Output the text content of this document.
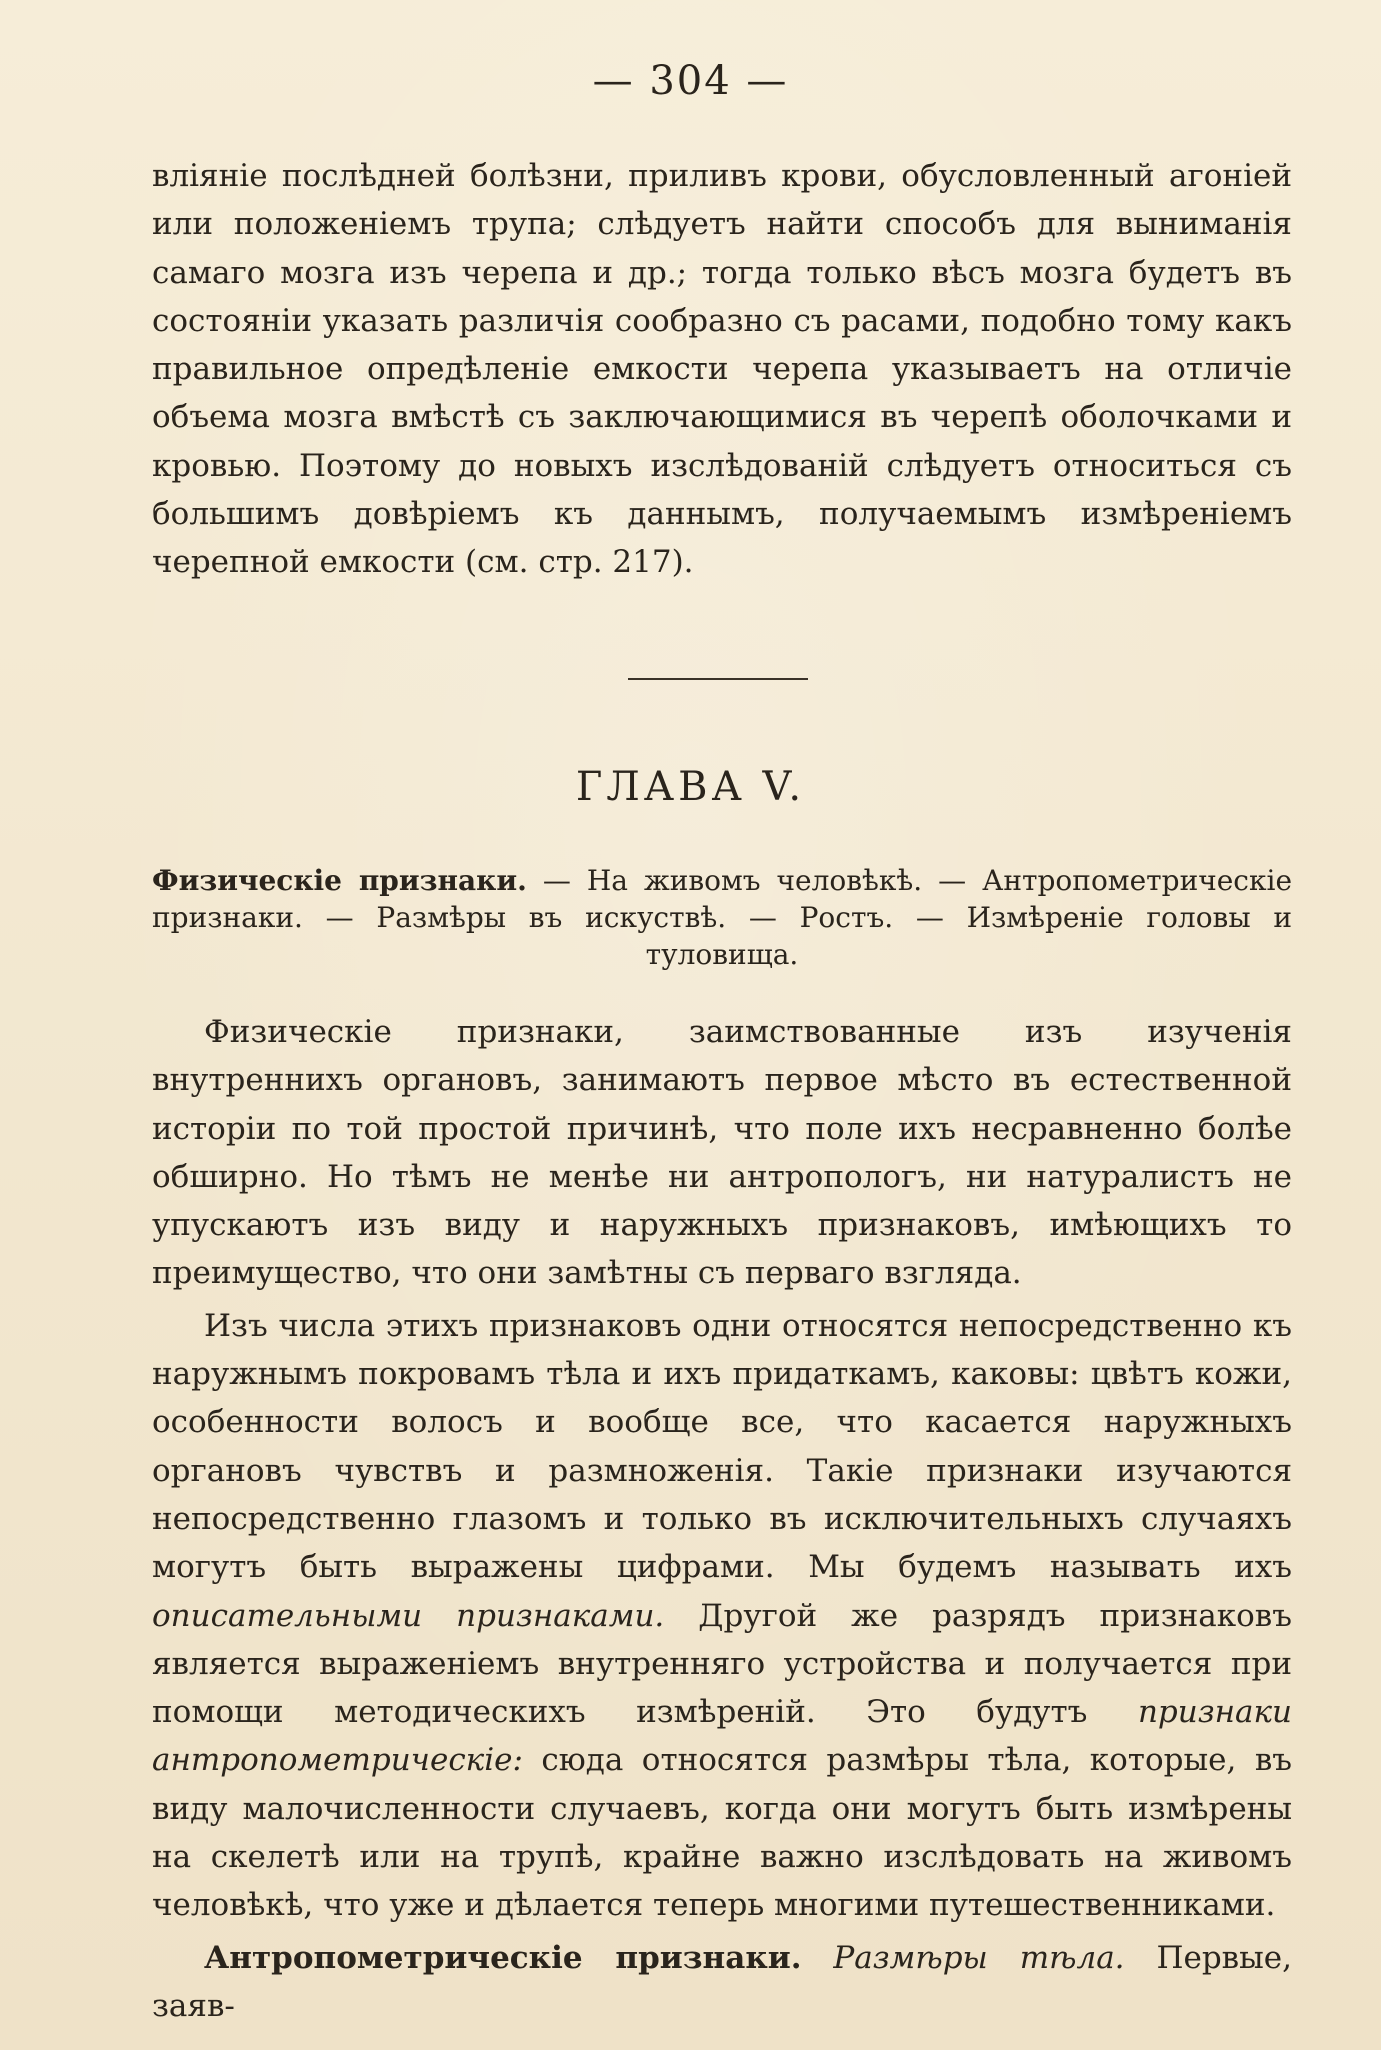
— 304 —

вліяніе послѣдней болѣзни, приливъ крови, обусловленный агоніей или положеніемъ трупа; слѣдуетъ найти способъ для выниманія самаго мозга изъ черепа и др.; тогда только вѣсъ мозга будетъ въ состояніи указать различія сообразно съ расами, подобно тому какъ правильное опредѣленіе емкости черепа указываетъ на отличіе объема мозга вмѣстѣ съ заключающимися въ черепѣ оболочками и кровью. Поэтому до новыхъ изслѣдованій слѣдуетъ относиться съ большимъ довѣріемъ къ даннымъ, получаемымъ измѣреніемъ черепной емкости (см. стр. 217).

ГЛАВА V.
Физическіе признаки. — На живомъ человѣкѣ. — Антропометрическіе признаки. — Размѣры въ искуствѣ. — Ростъ. — Измѣреніе головы и туловища.

Физическіе признаки, заимствованные изъ изученія внутреннихъ органовъ, занимаютъ первое мѣсто въ естественной исторіи по той простой причинѣ, что поле ихъ несравненно болѣе обширно. Но тѣмъ не менѣе ни антропологъ, ни натуралистъ не упускаютъ изъ виду и наружныхъ признаковъ, имѣющихъ то преимущество, что они замѣтны съ перваго взгляда.

Изъ числа этихъ признаковъ одни относятся непосредственно къ наружнымъ покровамъ тѣла и ихъ придаткамъ, каковы: цвѣтъ кожи, особенности волосъ и вообще все, что касается наружныхъ органовъ чувствъ и размноженія. Такіе признаки изучаются непосредственно глазомъ и только въ исключительныхъ случаяхъ могутъ быть выражены цифрами. Мы будемъ называть ихъ описательными признаками. Другой же разрядъ признаковъ является выраженіемъ внутренняго устройства и получается при помощи методическихъ измѣреній. Это будутъ признаки антропометрическіе: сюда относятся размѣры тѣла, которые, въ виду малочисленности случаевъ, когда они могутъ быть измѣрены на скелетѣ или на трупѣ, крайне важно изслѣдовать на живомъ человѣкѣ, что уже и дѣлается теперь многими путешественниками.

Антропометрическіе признаки. Размѣры тѣла. Первые, заяв-
